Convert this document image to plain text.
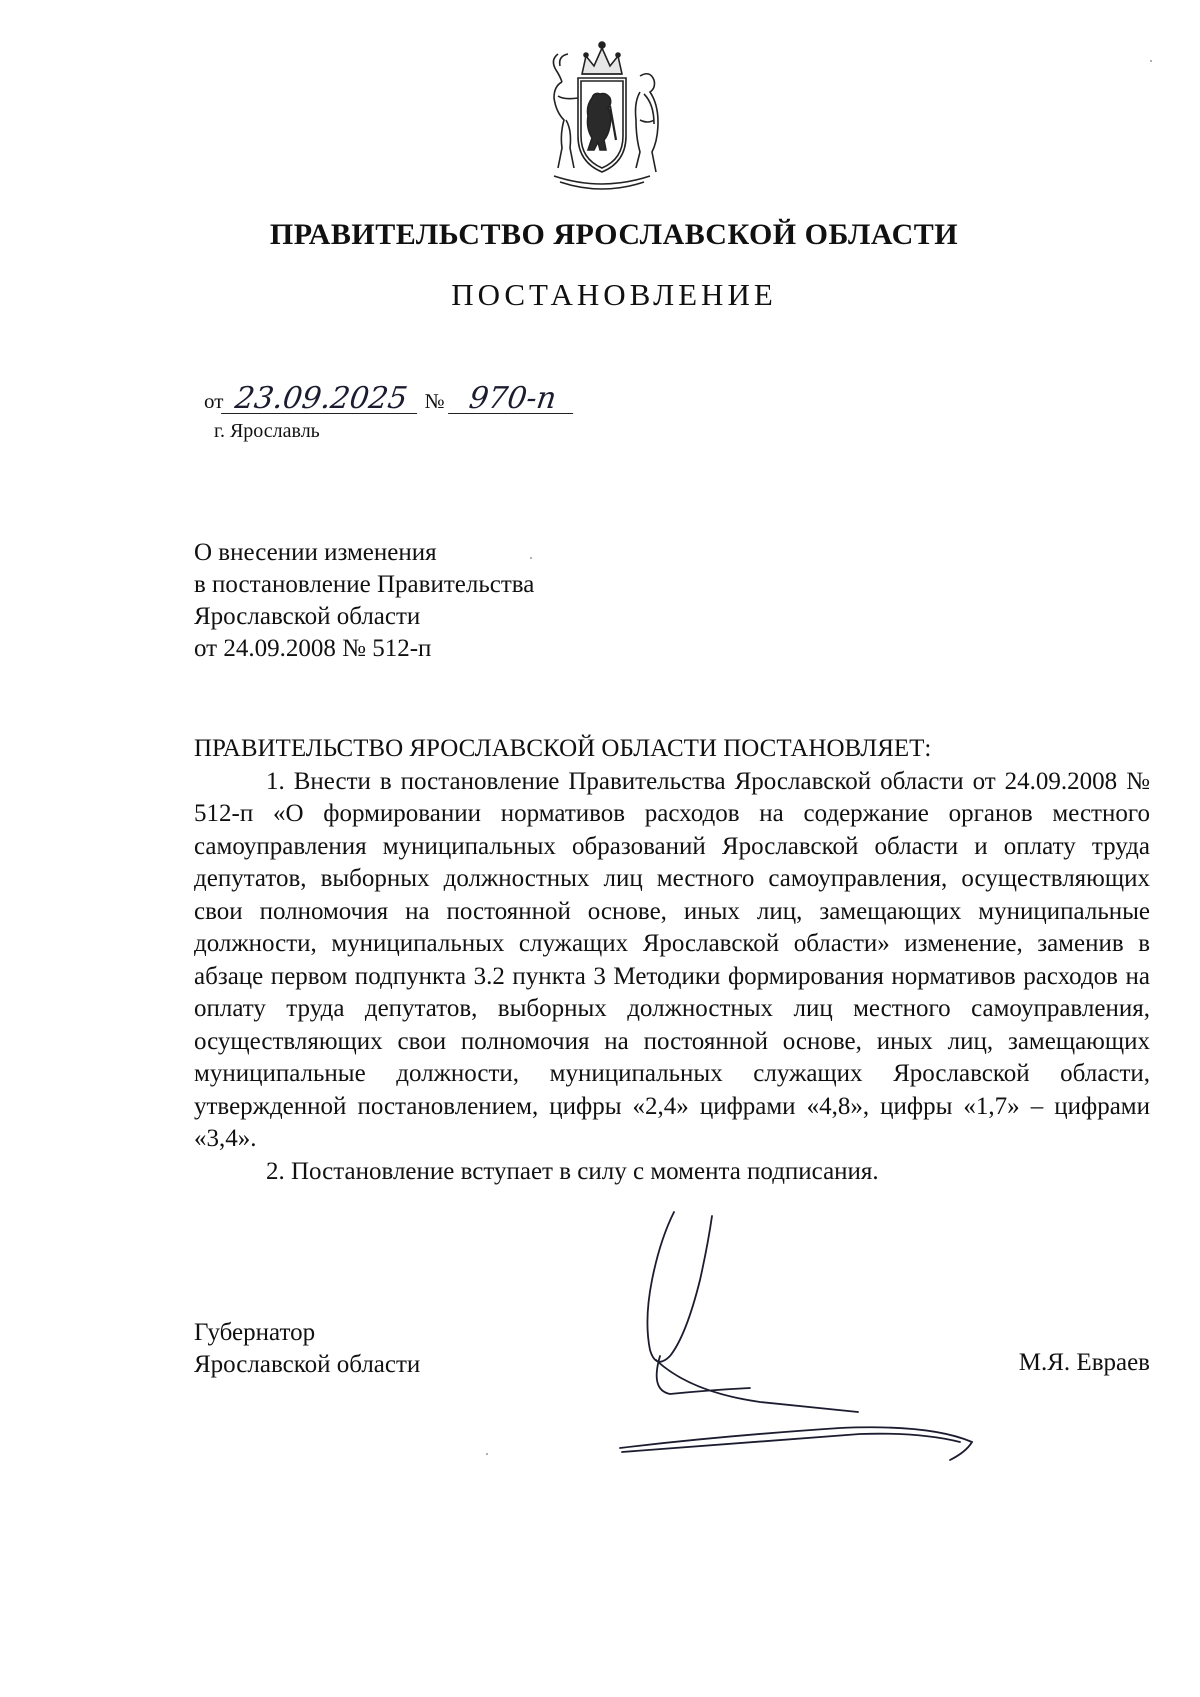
ПРАВИТЕЛЬСТВО ЯРОСЛАВСКОЙ ОБЛАСТИ
ПОСТАНОВЛЕНИЕ
от 23.09.2025 № 970-п
г. Ярославль
О внесении изменения
в постановление Правительства
Ярославской области
от 24.09.2008 № 512-п
ПРАВИТЕЛЬСТВО ЯРОСЛАВСКОЙ ОБЛАСТИ ПОСТАНОВЛЯЕТ:
1. Внести в постановление Правительства Ярославской области от 24.09.2008 № 512-п «О формировании нормативов расходов на содержание органов местного самоуправления муниципальных образований Ярославской области и оплату труда депутатов, выборных должностных лиц местного самоуправления, осуществляющих свои полномочия на постоянной основе, иных лиц, замещающих муниципальные должности, муниципальных служащих Ярославской области» изменение, заменив в абзаце первом подпункта 3.2 пункта 3 Методики формирования нормативов расходов на оплату труда депутатов, выборных должностных лиц местного самоуправления, осуществляющих свои полномочия на постоянной основе, иных лиц, замещающих муниципальные должности, муниципальных служащих Ярославской области, утвержденной постановлением, цифры «2,4» цифрами «4,8», цифры «1,7» – цифрами «3,4».
2. Постановление вступает в силу с момента подписания.
Губернатор
Ярославской области	М.Я. Евраев
